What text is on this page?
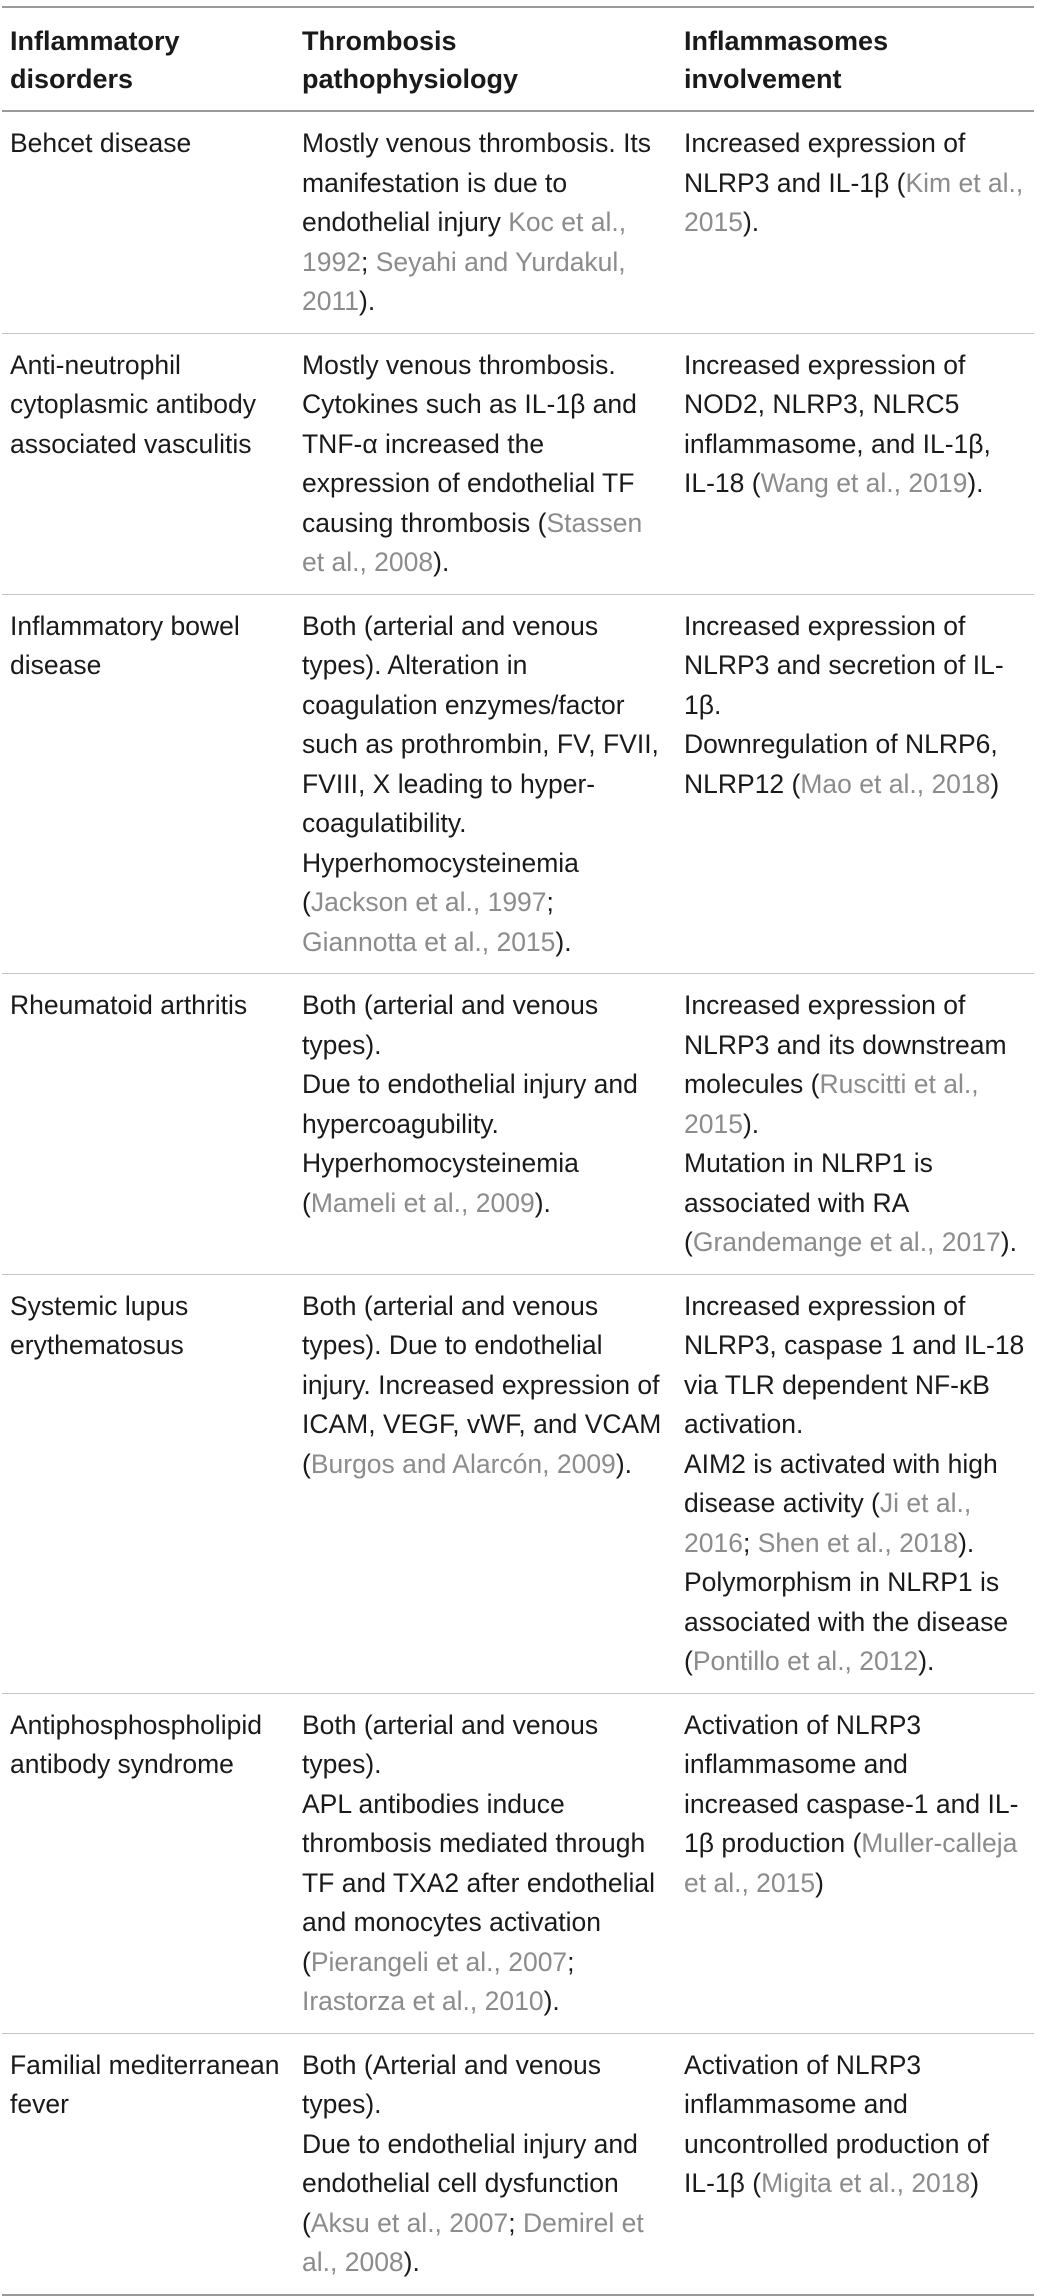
Inflammatory disorders	Thrombosis pathophysiology	Inflammasomes involvement
Behcet disease	Mostly venous thrombosis. Its manifestation is due to endothelial injury Koc et al., 1992; Seyahi and Yurdakul, 2011).	Increased expression of NLRP3 and IL-1β (Kim et al., 2015).

Anti-neutrophil cytoplasmic antibody associated vasculitis	Mostly venous thrombosis. Cytokines such as IL-1β and TNF-α increased the expression of endothelial TF causing thrombosis (Stassen et al., 2008).	Increased expression of NOD2, NLRP3, NLRC5 inflammasome, and IL-1β, IL-18 (Wang et al., 2019).

Inflammatory bowel disease	Both (arterial and venous types). Alteration in coagulation enzymes/factor such as prothrombin, FV, FVII, FVIII, X leading to hyper-coagulatibility. Hyperhomocysteinemia (Jackson et al., 1997; Giannotta et al., 2015).	Increased expression of NLRP3 and secretion of IL-1β.
Downregulation of NLRP6, NLRP12 (Mao et al., 2018)

Rheumatoid arthritis	Both (arterial and venous types).
Due to endothelial injury and hypercoagubility. Hyperhomocysteinemia (Mameli et al., 2009).	Increased expression of NLRP3 and its downstream molecules (Ruscitti et al., 2015).
Mutation in NLRP1 is associated with RA (Grandemange et al., 2017).

Systemic lupus erythematosus	Both (arterial and venous types). Due to endothelial injury. Increased expression of ICAM, VEGF, vWF, and VCAM (Burgos and Alarcón, 2009).	Increased expression of NLRP3, caspase 1 and IL-18 via TLR dependent NF-κB activation.
AIM2 is activated with high disease activity (Ji et al., 2016; Shen et al., 2018).
Polymorphism in NLRP1 is associated with the disease (Pontillo et al., 2012).

Antiphosphospholipid antibody syndrome	Both (arterial and venous types).
APL antibodies induce thrombosis mediated through TF and TXA2 after endothelial and monocytes activation (Pierangeli et al., 2007; Irastorza et al., 2010).	Activation of NLRP3 inflammasome and increased caspase-1 and IL-1β production (Muller-calleja et al., 2015)

Familial mediterranean fever	Both (Arterial and venous types).
Due to endothelial injury and endothelial cell dysfunction (Aksu et al., 2007; Demirel et al., 2008).	Activation of NLRP3 inflammasome and uncontrolled production of IL-1β (Migita et al., 2018)
